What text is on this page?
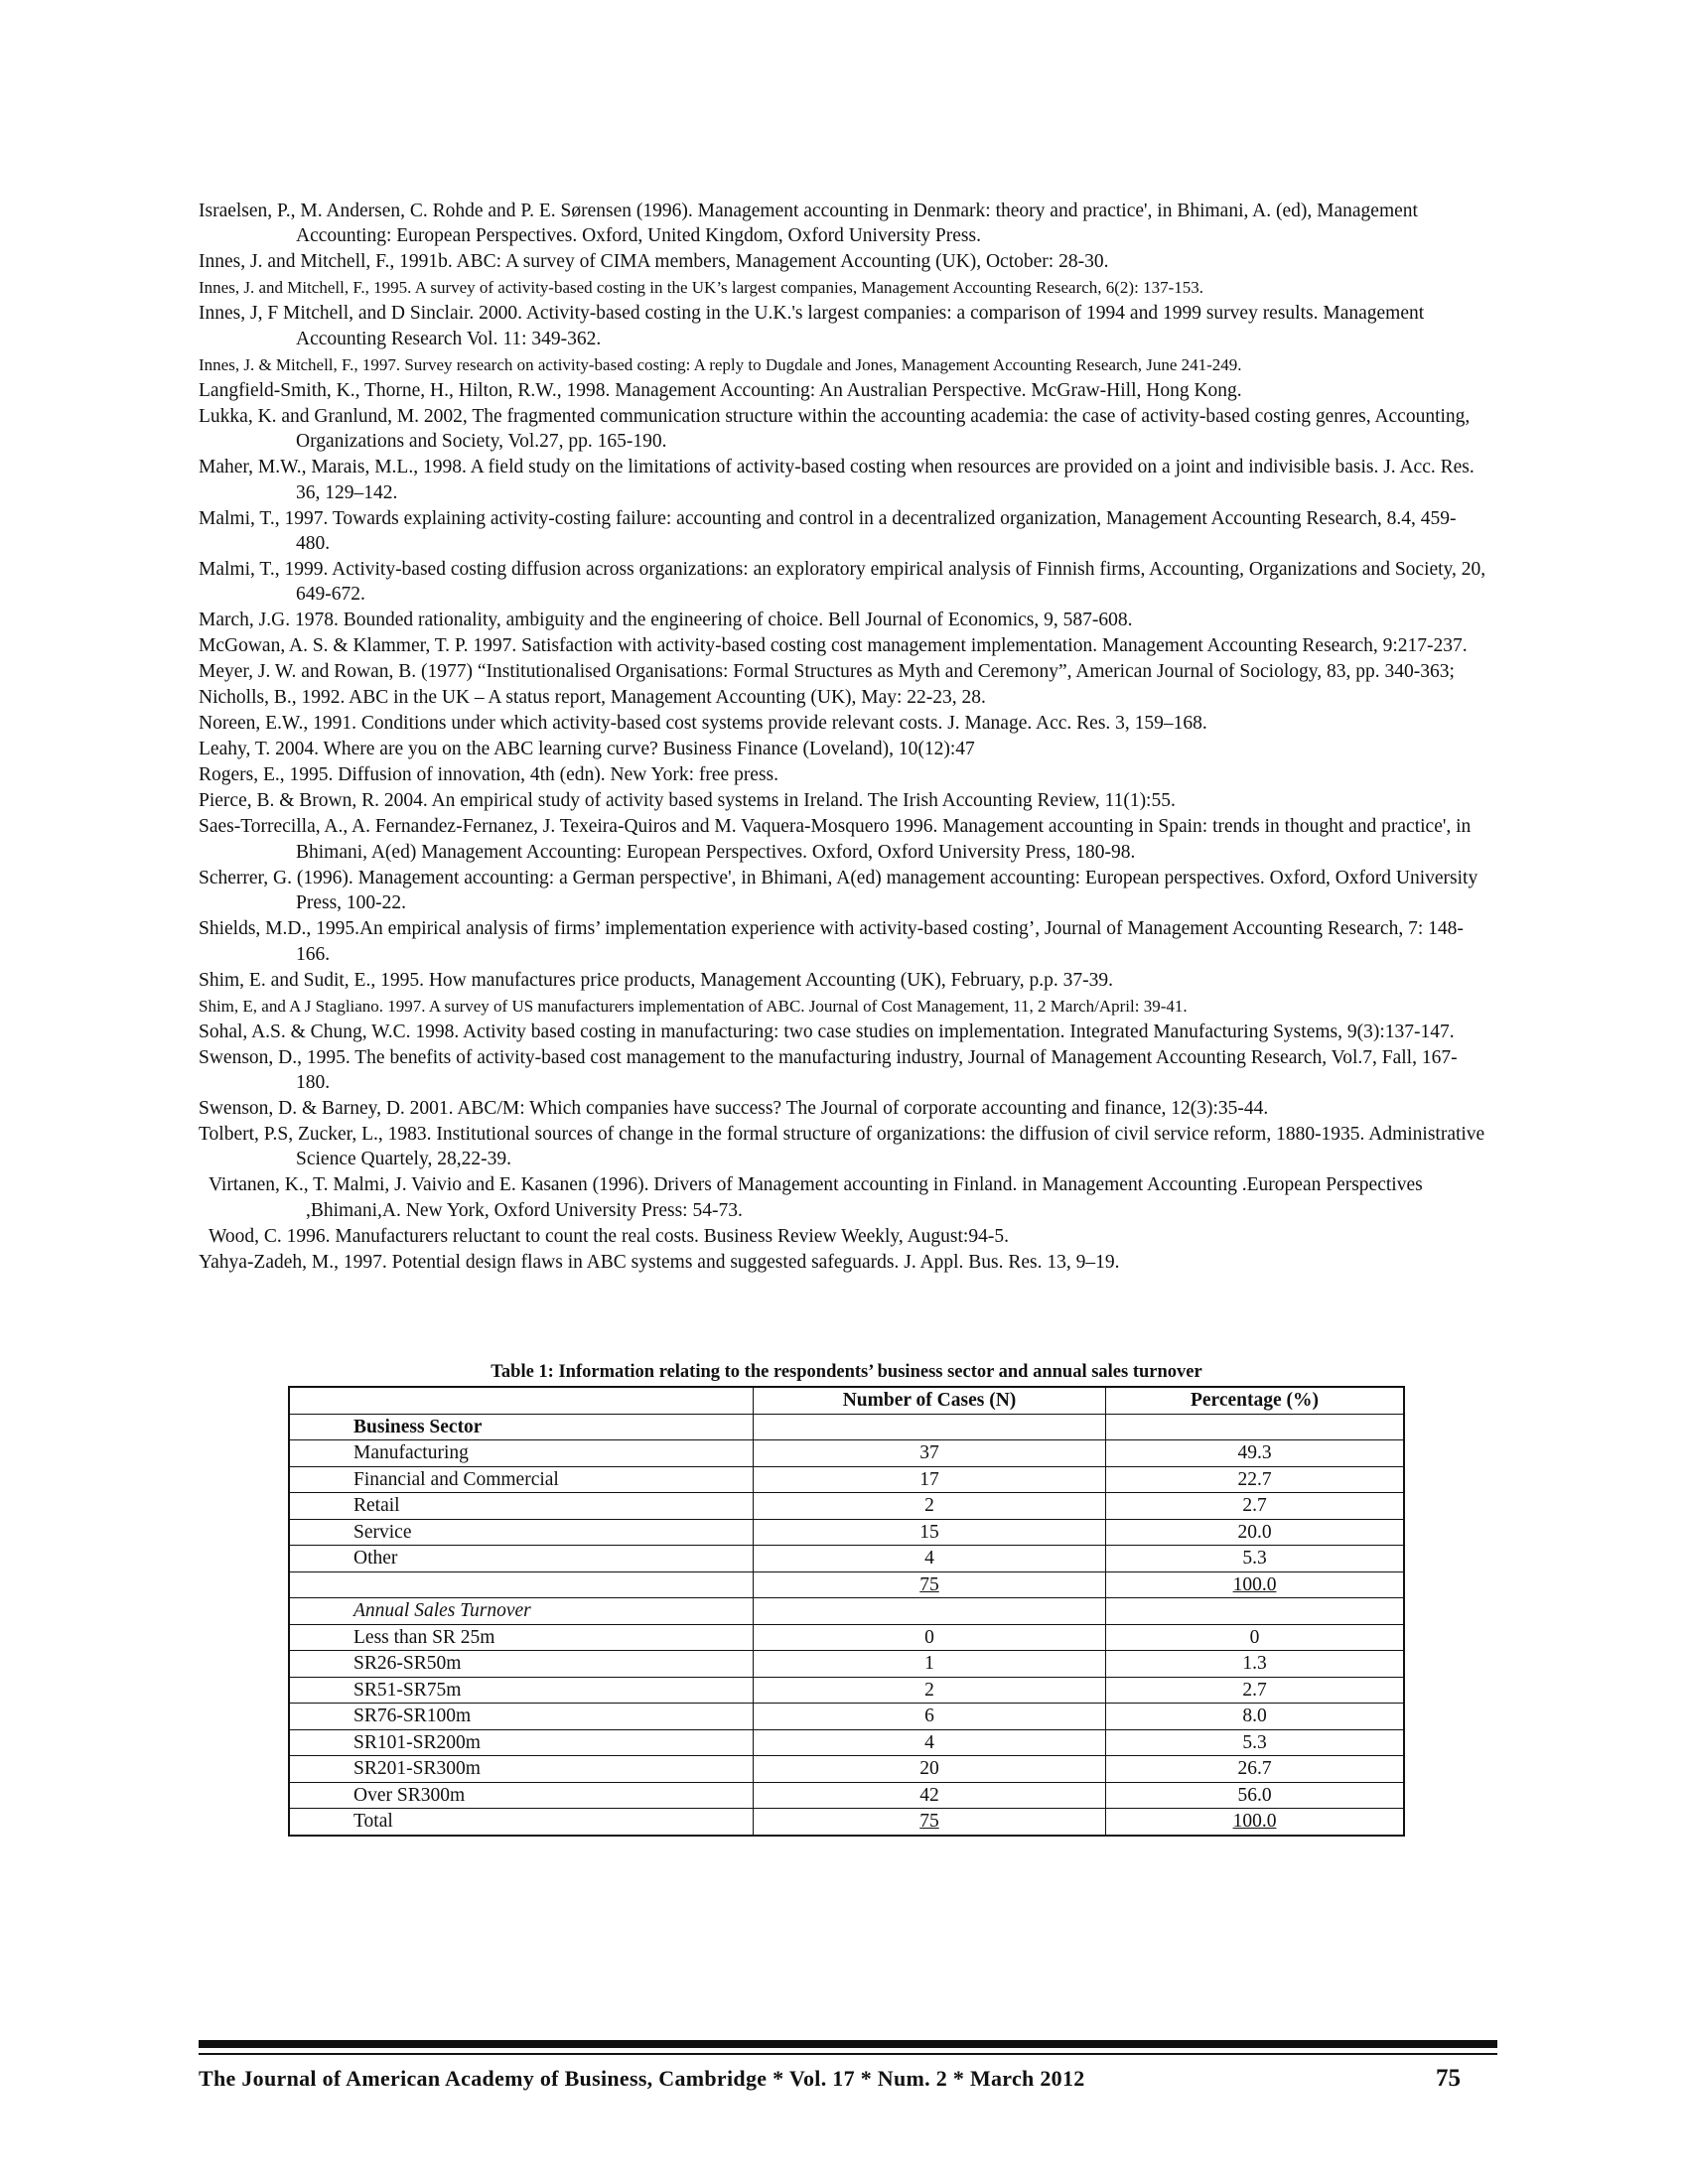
Israelsen, P., M. Andersen, C. Rohde and P. E. Sørensen (1996). Management accounting in Denmark: theory and practice', in Bhimani, A. (ed), Management Accounting: European Perspectives. Oxford, United Kingdom, Oxford University Press.

Innes, J. and Mitchell, F., 1991b. ABC: A survey of CIMA members, Management Accounting (UK), October: 28-30.

Innes, J. and Mitchell, F., 1995. A survey of activity-based costing in the UK’s largest companies, Management Accounting Research, 6(2): 137-153.

Innes, J, F Mitchell, and D Sinclair. 2000. Activity-based costing in the U.K.'s largest companies: a comparison of 1994 and 1999 survey results. Management Accounting Research Vol. 11: 349-362.

Innes, J. & Mitchell, F., 1997. Survey research on activity-based costing: A reply to Dugdale and Jones, Management Accounting Research, June 241-249.

Langfield-Smith, K., Thorne, H., Hilton, R.W., 1998. Management Accounting: An Australian Perspective. McGraw-Hill, Hong Kong.

Lukka, K. and Granlund, M. 2002, The fragmented communication structure within the accounting academia: the case of activity-based costing genres, Accounting, Organizations and Society, Vol.27, pp. 165-190.

Maher, M.W., Marais, M.L., 1998. A field study on the limitations of activity-based costing when resources are provided on a joint and indivisible basis. J. Acc. Res. 36, 129–142.

Malmi, T., 1997. Towards explaining activity-costing failure: accounting and control in a decentralized organization, Management Accounting Research, 8.4, 459-480.

Malmi, T., 1999. Activity-based costing diffusion across organizations: an exploratory empirical analysis of Finnish firms, Accounting, Organizations and Society, 20, 649-672.

March, J.G. 1978. Bounded rationality, ambiguity and the engineering of choice. Bell Journal of Economics, 9, 587-608.

McGowan, A. S. & Klammer, T. P. 1997. Satisfaction with activity-based costing cost management implementation. Management Accounting Research, 9:217-237.

Meyer, J. W. and Rowan, B. (1977) “Institutionalised Organisations: Formal Structures as Myth and Ceremony”, American Journal of Sociology, 83, pp. 340-363;

Nicholls, B., 1992. ABC in the UK – A status report, Management Accounting (UK), May: 22-23, 28.

Noreen, E.W., 1991. Conditions under which activity-based cost systems provide relevant costs. J. Manage. Acc. Res. 3, 159–168.

Leahy, T. 2004. Where are you on the ABC learning curve? Business Finance (Loveland), 10(12):47

Rogers, E., 1995. Diffusion of innovation, 4th (edn). New York: free press.

Pierce, B. & Brown, R. 2004. An empirical study of activity based systems in Ireland. The Irish Accounting Review, 11(1):55.

Saes-Torrecilla, A., A. Fernandez-Fernanez, J. Texeira-Quiros and M. Vaquera-Mosquero 1996. Management accounting in Spain: trends in thought and practice', in Bhimani, A(ed) Management Accounting: European Perspectives. Oxford, Oxford University Press, 180-98.

Scherrer, G. (1996). Management accounting: a German perspective', in Bhimani, A(ed) management accounting: European perspectives. Oxford, Oxford University Press, 100-22.

Shields, M.D., 1995.An empirical analysis of firms’ implementation experience with activity-based costing’, Journal of Management Accounting Research, 7: 148-166.

Shim, E. and Sudit, E., 1995. How manufactures price products, Management Accounting (UK), February, p.p. 37-39.

Shim, E, and A J Stagliano. 1997. A survey of US manufacturers implementation of ABC. Journal of Cost Management, 11, 2 March/April: 39-41.

Sohal, A.S. & Chung, W.C. 1998. Activity based costing in manufacturing: two case studies on implementation. Integrated Manufacturing Systems, 9(3):137-147.

Swenson, D., 1995. The benefits of activity-based cost management to the manufacturing industry, Journal of Management Accounting Research, Vol.7, Fall, 167-180.

Swenson, D. & Barney, D. 2001. ABC/M: Which companies have success? The Journal of corporate accounting and finance, 12(3):35-44.

Tolbert, P.S, Zucker, L., 1983. Institutional sources of change in the formal structure of organizations: the diffusion of civil service reform, 1880-1935. Administrative Science Quartely, 28,22-39.

Virtanen, K., T. Malmi, J. Vaivio and E. Kasanen (1996). Drivers of Management accounting in Finland. in Management Accounting .European Perspectives ,Bhimani,A. New York, Oxford University Press: 54-73.

Wood, C. 1996. Manufacturers reluctant to count the real costs. Business Review Weekly, August:94-5.

Yahya-Zadeh, M., 1997. Potential design flaws in ABC systems and suggested safeguards. J. Appl. Bus. Res. 13, 9–19.

Table 1: Information relating to the respondents’ business sector and annual sales turnover

	Number of Cases (N)	Percentage (%)
Business Sector		
Manufacturing	37	49.3
Financial and Commercial	17	22.7
Retail	2	2.7
Service	15	20.0
Other	4	5.3
	75	100.0
Annual Sales Turnover		
Less than SR 25m	0	0
SR26-SR50m	1	1.3
SR51-SR75m	2	2.7
SR76-SR100m	6	8.0
SR101-SR200m	4	5.3
SR201-SR300m	20	26.7
Over SR300m	42	56.0
Total	75	100.0
The Journal of American Academy of Business, Cambridge * Vol. 17 * Num. 2 * March 2012	75
